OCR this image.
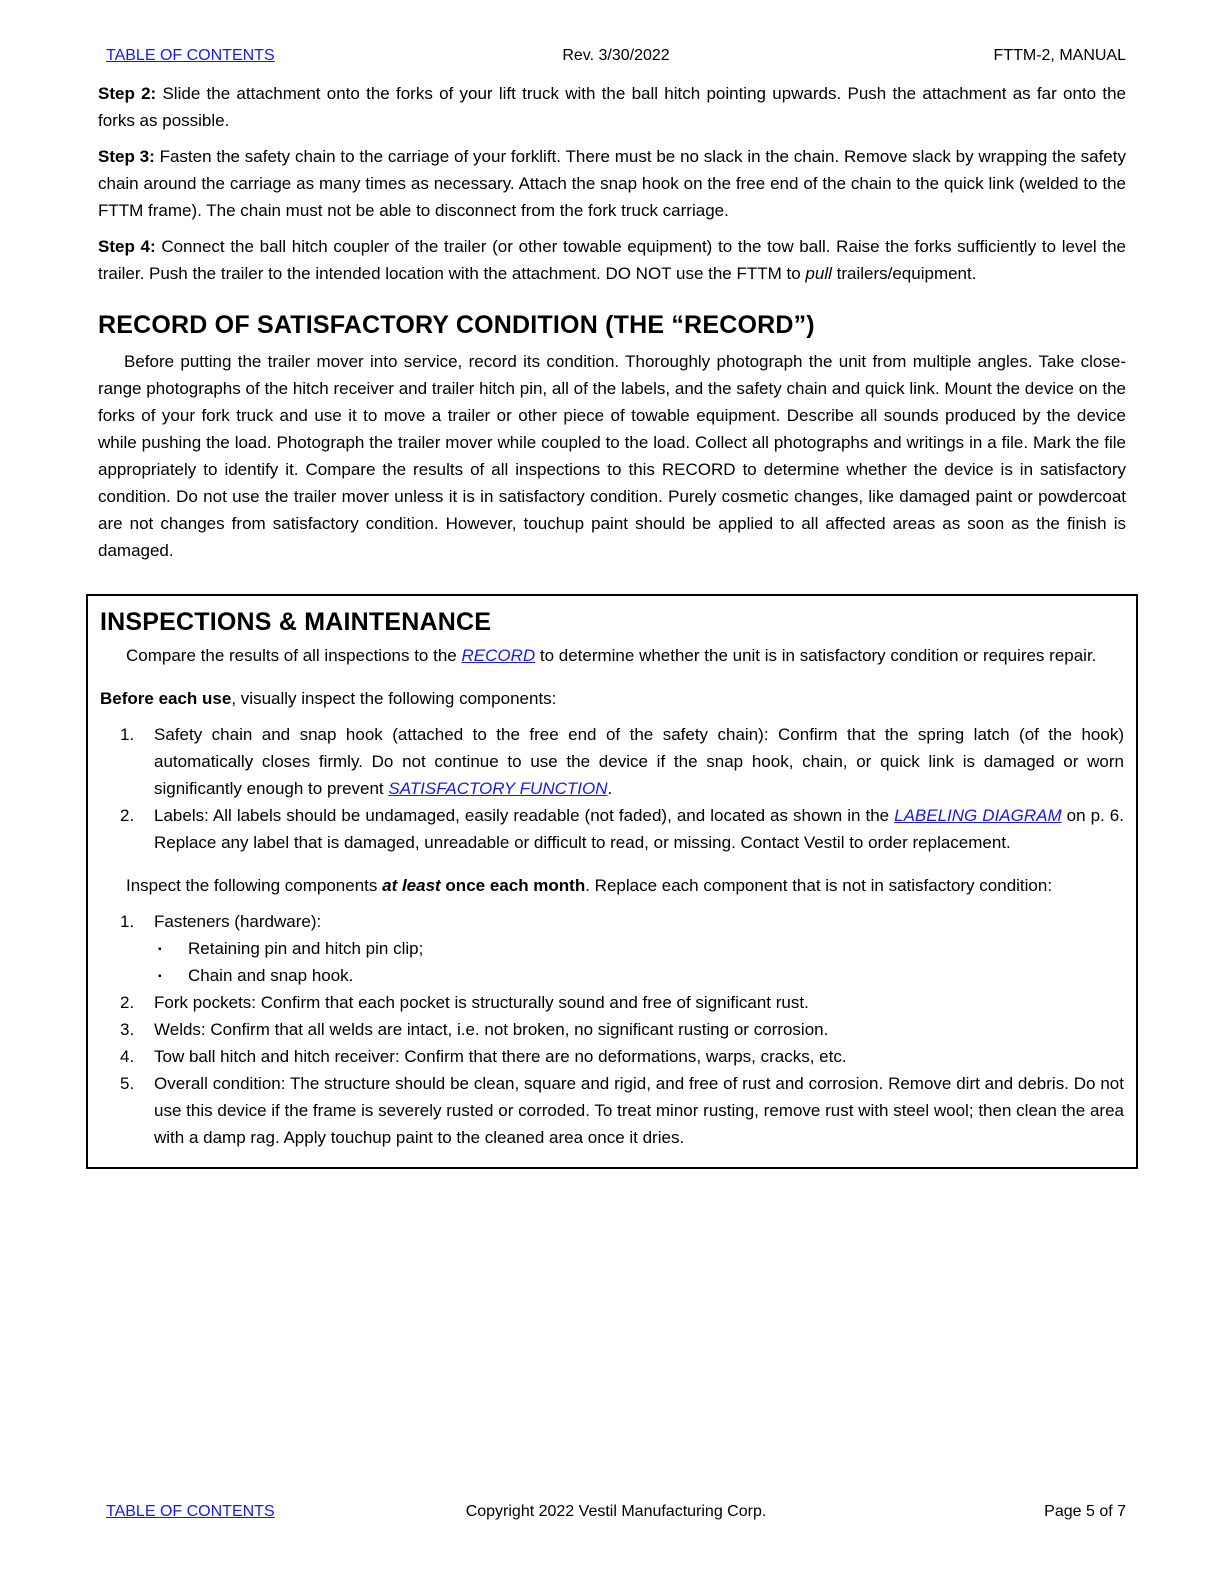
TABLE OF CONTENTS	Rev. 3/30/2022	FTTM-2, MANUAL

Step 2: Slide the attachment onto the forks of your lift truck with the ball hitch pointing upwards. Push the attachment as far onto the forks as possible.

Step 3: Fasten the safety chain to the carriage of your forklift. There must be no slack in the chain. Remove slack by wrapping the safety chain around the carriage as many times as necessary. Attach the snap hook on the free end of the chain to the quick link (welded to the FTTM frame). The chain must not be able to disconnect from the fork truck carriage.

Step 4: Connect the ball hitch coupler of the trailer (or other towable equipment) to the tow ball. Raise the forks sufficiently to level the trailer. Push the trailer to the intended location with the attachment. DO NOT use the FTTM to pull trailers/equipment.

RECORD OF SATISFACTORY CONDITION (THE “RECORD”)

Before putting the trailer mover into service, record its condition. Thoroughly photograph the unit from multiple angles. Take close-range photographs of the hitch receiver and trailer hitch pin, all of the labels, and the safety chain and quick link. Mount the device on the forks of your fork truck and use it to move a trailer or other piece of towable equipment. Describe all sounds produced by the device while pushing the load. Photograph the trailer mover while coupled to the load. Collect all photographs and writings in a file. Mark the file appropriately to identify it. Compare the results of all inspections to this RECORD to determine whether the device is in satisfactory condition. Do not use the trailer mover unless it is in satisfactory condition. Purely cosmetic changes, like damaged paint or powdercoat are not changes from satisfactory condition. However, touchup paint should be applied to all affected areas as soon as the finish is damaged.

INSPECTIONS & MAINTENANCE

Compare the results of all inspections to the RECORD to determine whether the unit is in satisfactory condition or requires repair.

Before each use, visually inspect the following components:

1. Safety chain and snap hook (attached to the free end of the safety chain): Confirm that the spring latch (of the hook) automatically closes firmly. Do not continue to use the device if the snap hook, chain, or quick link is damaged or worn significantly enough to prevent SATISFACTORY FUNCTION.
2. Labels: All labels should be undamaged, easily readable (not faded), and located as shown in the LABELING DIAGRAM on p. 6. Replace any label that is damaged, unreadable or difficult to read, or missing. Contact Vestil to order replacement.

Inspect the following components at least once each month. Replace each component that is not in satisfactory condition:

1. Fasteners (hardware):
▪ Retaining pin and hitch pin clip;
▪ Chain and snap hook.
2. Fork pockets: Confirm that each pocket is structurally sound and free of significant rust.
3. Welds: Confirm that all welds are intact, i.e. not broken, no significant rusting or corrosion.
4. Tow ball hitch and hitch receiver: Confirm that there are no deformations, warps, cracks, etc.
5. Overall condition: The structure should be clean, square and rigid, and free of rust and corrosion. Remove dirt and debris. Do not use this device if the frame is severely rusted or corroded. To treat minor rusting, remove rust with steel wool; then clean the area with a damp rag. Apply touchup paint to the cleaned area once it dries.
TABLE OF CONTENTS	Copyright 2022 Vestil Manufacturing Corp.	Page 5 of 7
